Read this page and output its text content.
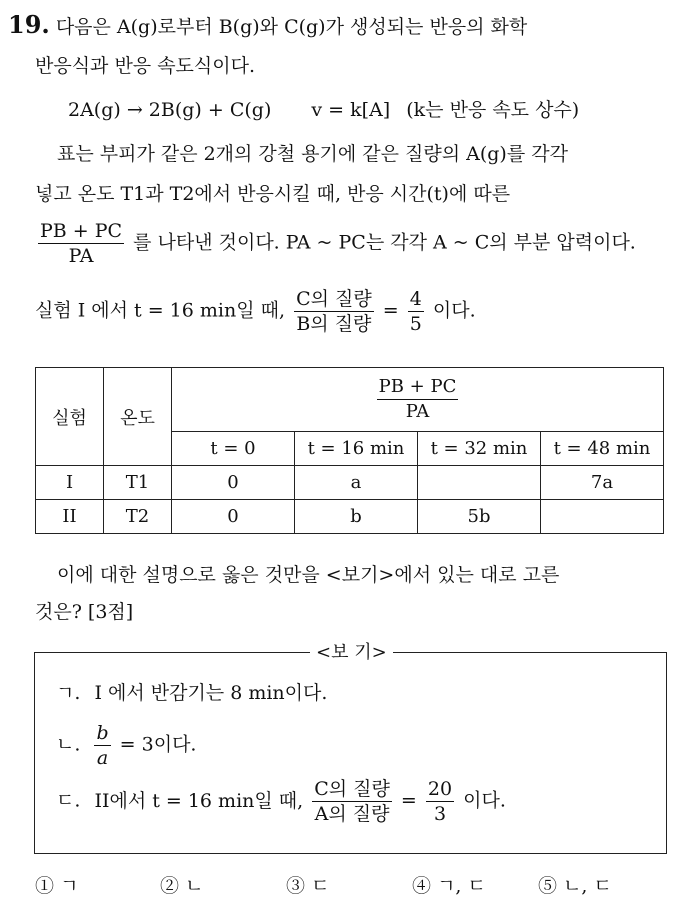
19. 다음은 A(g)로부터 B(g)와 C(g)가 생성되는 반응의 화학
반응식과 반응 속도식이다.
2A(g) → 2B(g) + C(g) v = k[A] (k는 반응 속도 상수)
표는 부피가 같은 2개의 강철 용기에 같은 질량의 A(g)를 각각
넣고 온도 T1과 T2에서 반응시킬 때, 반응 시간(t)에 따른
$\frac{PB + PC}{PA}$ 를 나타낸 것이다. PA ~ PC는 각각 A ~ C의 부분 압력이다.
실험 I 에서 t = 16 min일 때, $\frac{\text{C의 질량}}{\text{B의 질량}} = \frac{4}{5}$ 이다.
실험	온도	$\frac{PB + PC}{PA}$

		t = 0	t = 16 min	t = 32 min	t = 48 min
I	T1	0	a		7a
II	T2	0	b	5b	
이에 대한 설명으로 옳은 것만을 <보기>에서 있는 대로 고른
것은? [3점]
<보 기>
ㄱ. I 에서 반감기는 8 min이다.
ㄴ. $\frac{b}{a} = 3$이다.
ㄷ. II에서 t = 16 min일 때, $\frac{\text{C의 질량}}{\text{A의 질량}} = \frac{20}{3}$ 이다.
① ㄱ	② ㄴ	③ ㄷ	④ ㄱ, ㄷ	⑤ ㄴ, ㄷ
